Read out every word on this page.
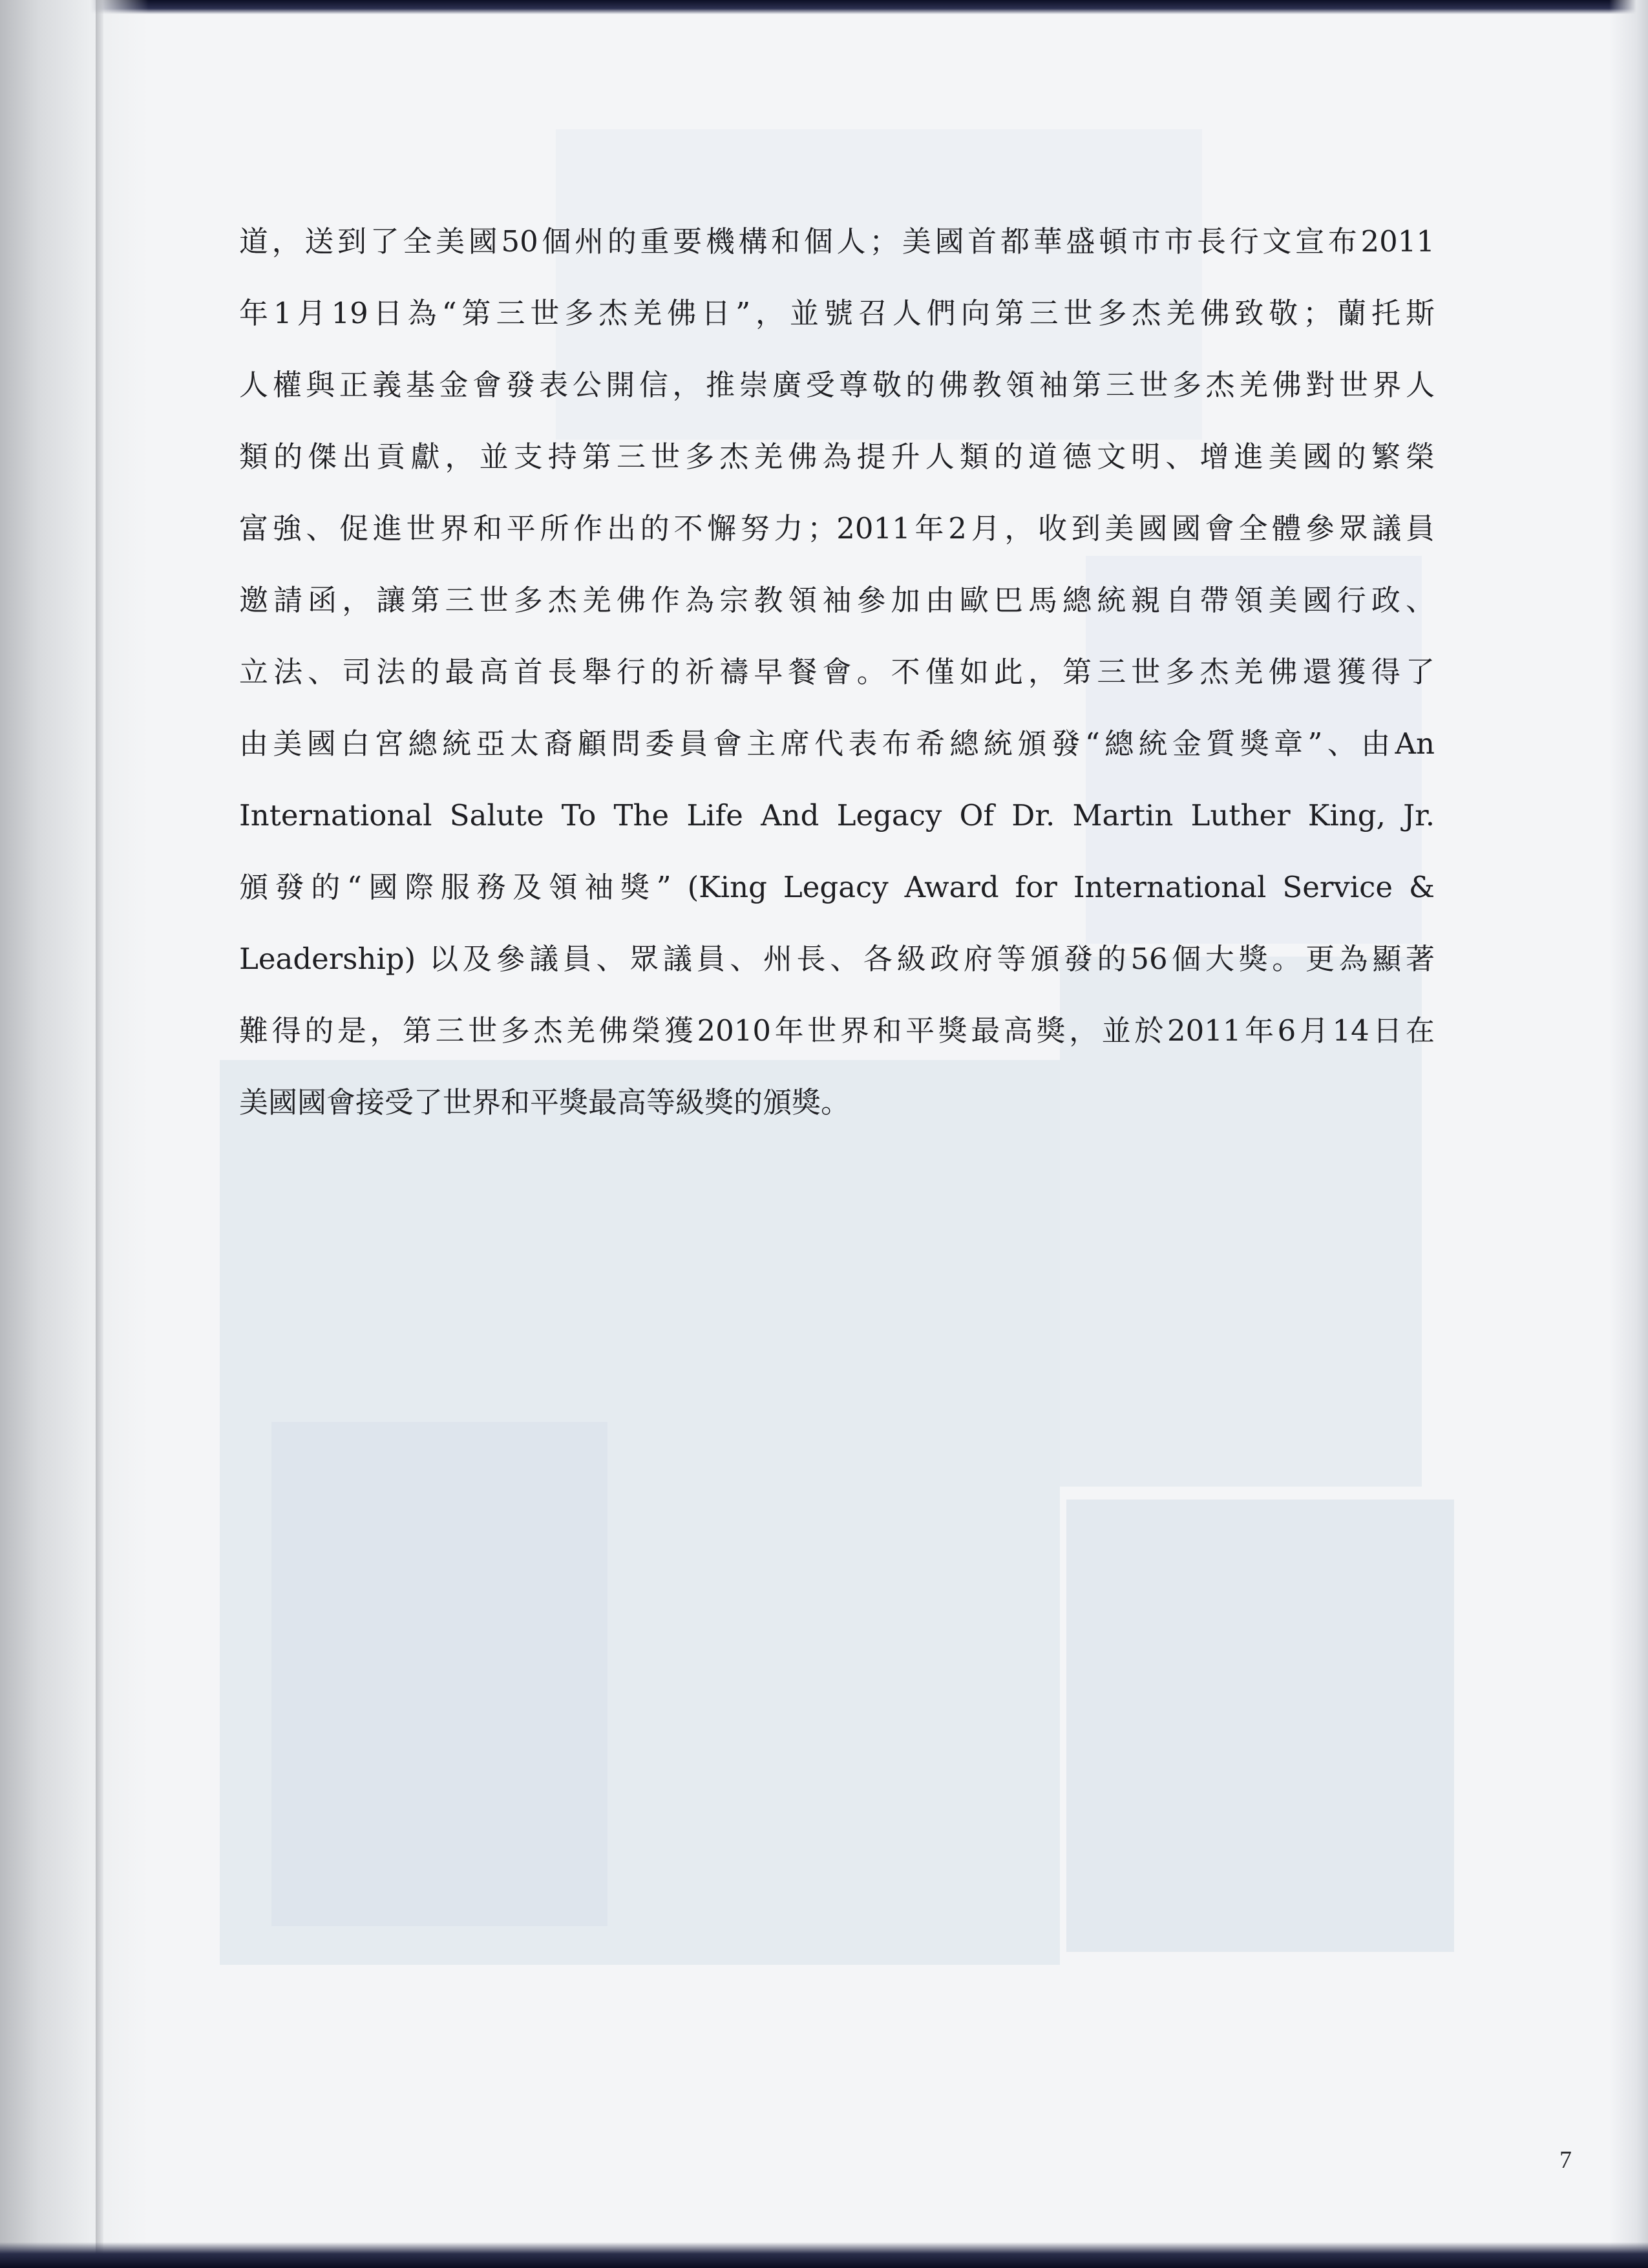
道，送到了全美國50個州的重要機構和個人；美國首都華盛頓市市長行文宣布2011
年1月19日為“第三世多杰羌佛日”，並號召人們向第三世多杰羌佛致敬；蘭托斯
人權與正義基金會發表公開信，推崇廣受尊敬的佛教領袖第三世多杰羌佛對世界人
類的傑出貢獻，並支持第三世多杰羌佛為提升人類的道德文明、增進美國的繁榮
富強、促進世界和平所作出的不懈努力；2011年2月，收到美國國會全體參眾議員
邀請函，讓第三世多杰羌佛作為宗教領袖參加由歐巴馬總統親自帶領美國行政、
立法、司法的最高首長舉行的祈禱早餐會。不僅如此，第三世多杰羌佛還獲得了
由美國白宮總統亞太裔顧問委員會主席代表布希總統頒發“總統金質獎章”、由An
International Salute To The Life And Legacy Of Dr. Martin Luther King, Jr.
頒發的“國際服務及領袖獎” (King Legacy Award for International Service &
Leadership) 以及參議員、眾議員、州長、各級政府等頒發的56個大獎。更為顯著
難得的是，第三世多杰羌佛榮獲2010年世界和平獎最高獎，並於2011年6月14日在
美國國會接受了世界和平獎最高等級獎的頒獎。
7
